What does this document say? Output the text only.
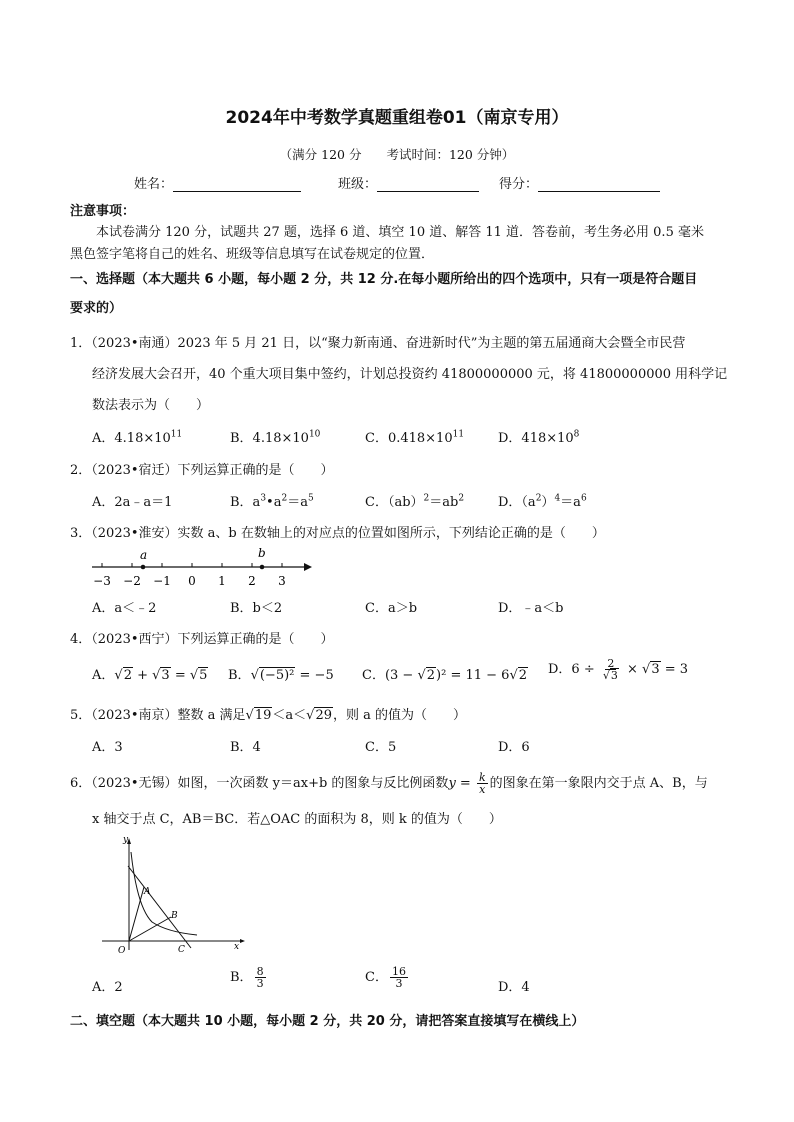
2024年中考数学真题重组卷01（南京专用）
（满分 120 分　　考试时间：120 分钟）
姓名：	班级：	得分：
注意事项：
本试卷满分 120 分，试题共 27 题，选择 6 道、填空 10 道、解答 11 道．答卷前，考生务必用 0.5 毫米
黑色签字笔将自己的姓名、班级等信息填写在试卷规定的位置．
一、选择题（本大题共 6 小题，每小题 2 分，共 12 分.在每小题所给出的四个选项中，只有一项是符合题目
要求的）
1．（2023•南通）2023 年 5 月 21 日，以“聚力新南通、奋进新时代”为主题的第五届通商大会暨全市民营
经济发展大会召开，40 个重大项目集中签约，计划总投资约 41800000000 元，将 41800000000 用科学记
数法表示为（　　）
A．$4.18\times 10^{11}$	B．$4.18\times 10^{10}$	C．$0.418\times 10^{11}$	D．$418\times 10^8$
2．（2023•宿迁）下列运算正确的是（　　）
A．2a﹣a＝1	B．$a^3•a^2=a^5$	C．$(ab)^2=ab^2$	D．$(a^2)^4=a^6$
3．（2023•淮安）实数 a、b 在数轴上的对应点的位置如图所示，下列结论正确的是（　　）
−3 −2 −1 0 1 2 3
a	b
A．a＜﹣2	B．b＜2	C．a＞b	D．﹣a＜b
4．（2023•西宁）下列运算正确的是（　　）
A．√2 + √3 = √5 B．√(−5)² = −5 C．(3 − √2)² = 11 − 6√2 D．$6 \div \frac{2}{√3} \times √3 = 3$
5．（2023•南京）整数 a 满足√19＜a＜√29，则 a 的值为（　　）
A．3	B．4	C．5	D．6
6．（2023•无锡）如图，一次函数 y＝ax+b 的图象与反比例函数$y = \frac{k}{x}$ 的图象在第一象限内交于点 A、B，与
x 轴交于点 C，AB＝BC．若△OAC 的面积为 8，则 k 的值为（　　）
y
x
O
A
B
C
A．2
B． $\frac{8}{3}$	C． $\frac{16}{3}$	D．4
二、填空题（本大题共 10 小题，每小题 2 分，共 20 分，请把答案直接填写在横线上）
